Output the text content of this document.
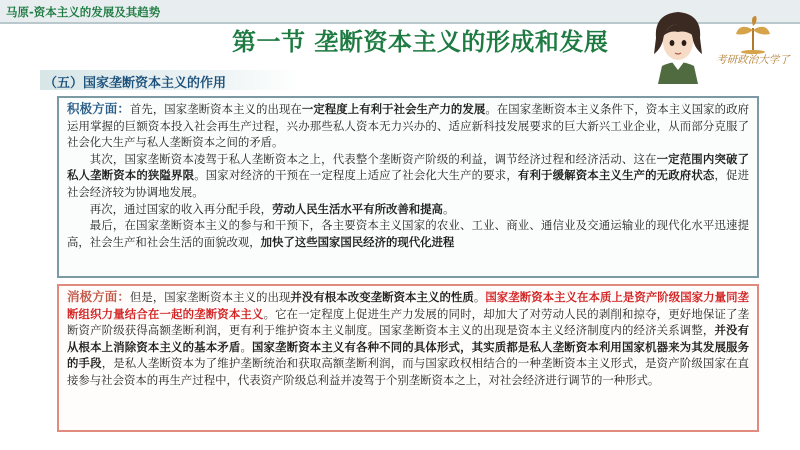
马原-资本主义的发展及其趋势
第一节 垄断资本主义的形成和发展
考研政治大学了
（五）国家垄断资本主义的作用

积极方面：首先，国家垄断资本主义的出现在一定程度上有利于社会生产力的发展。在国家垄断资本主义条件下，资本主义国家的政府运用掌握的巨额资本投入社会再生产过程，兴办那些私人资本无力兴办的、适应新科技发展要求的巨大新兴工业企业，从而部分克服了社会化大生产与私人垄断资本之间的矛盾。

其次，国家垄断资本凌驾于私人垄断资本之上，代表整个垄断资产阶级的利益，调节经济过程和经济活动、这在一定范围内突破了私人垄断资本的狭隘界限。国家对经济的干预在一定程度上适应了社会化大生产的要求，有利于缓解资本主义生产的无政府状态，促进社会经济较为协调地发展。

再次，通过国家的收入再分配手段，劳动人民生活水平有所改善和提高。

最后，在国家垄断资本主义的参与和干预下，各主要资本主义国家的农业、工业、商业、通信业及交通运输业的现代化水平迅速提高，社会生产和社会生活的面貌改观，加快了这些国家国民经济的现代化进程

消极方面：但是，国家垄断资本主义的出现并没有根本改变垄断资本主义的性质。国家垄断资本主义在本质上是资产阶级国家力量同垄断组织力量结合在一起的垄断资本主义。它在一定程度上促进生产力发展的同时，却加大了对劳动人民的剥削和掠夺，更好地保证了垄断资产阶级获得高额垄断利润，更有利于维护资本主义制度。国家垄断资本主义的出现是资本主义经济制度内的经济关系调整，并没有从根本上消除资本主义的基本矛盾。国家垄断资本主义有各种不同的具体形式，其实质都是私人垄断资本利用国家机器来为其发展服务的手段，是私人垄断资本为了维护垄断统治和获取高额垄断利润，而与国家政权相结合的一种垄断资本主义形式，是资产阶级国家在直接参与社会资本的再生产过程中，代表资产阶级总利益并凌驾于个别垄断资本之上，对社会经济进行调节的一种形式。
